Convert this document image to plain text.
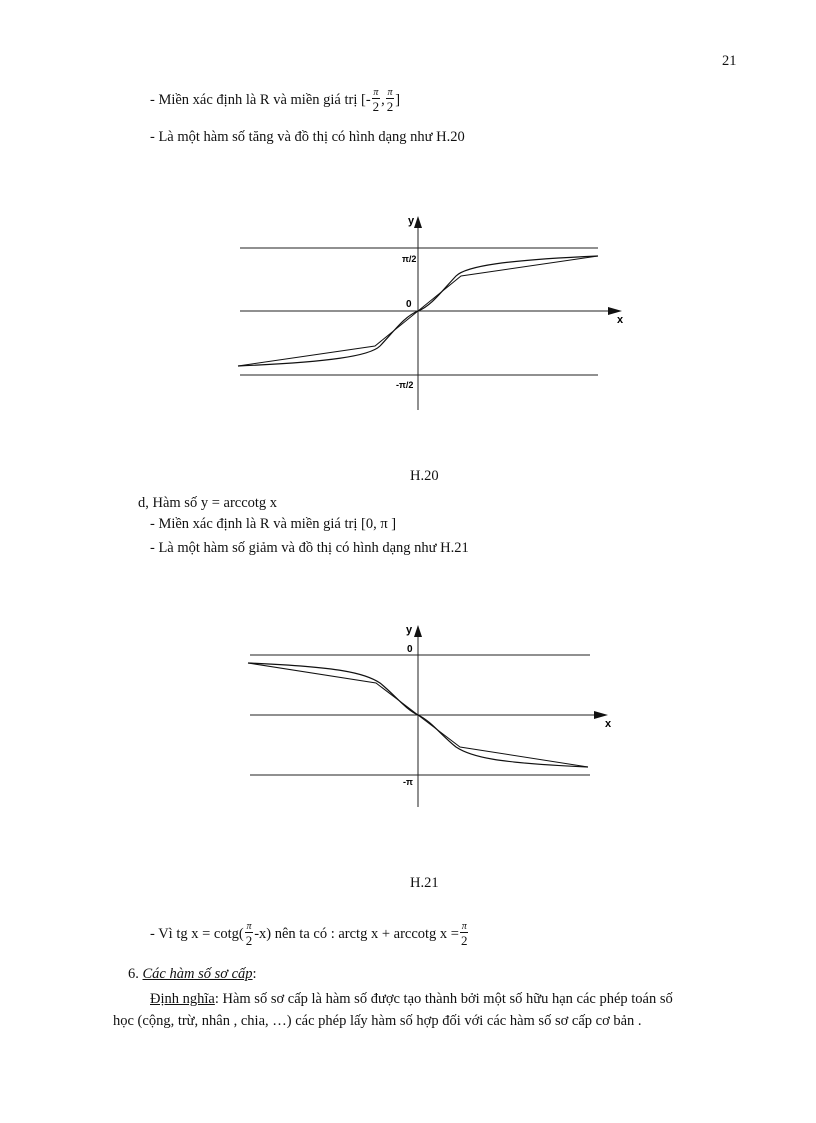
21
- Miền xác định là R và miền giá trị [- $\frac{\pi}{2}$ , $\frac{\pi}{2}$ ]
- Là một hàm số tăng và đồ thị có hình dạng như H.20
y
x
0
π/2
-π/2
H.20
d, Hàm số y = arccotg x
- Miền xác định là R và miền giá trị [0, π ]
- Là một hàm số giảm và đồ thị có hình dạng như H.21
y
x
0
-π
H.21
- Vì tg $x = \cot g( \frac{\pi}{2} -x)$ nên ta có : arctg x + arccotg $x = \frac{\pi}{2}$
6. Các hàm số sơ cấp:
Định nghĩa: Hàm số sơ cấp là hàm số được tạo thành bởi một số hữu hạn các phép toán số
học (cộng, trừ, nhân , chia, …) các phép lấy hàm số hợp đối với các hàm số sơ cấp cơ bản .
